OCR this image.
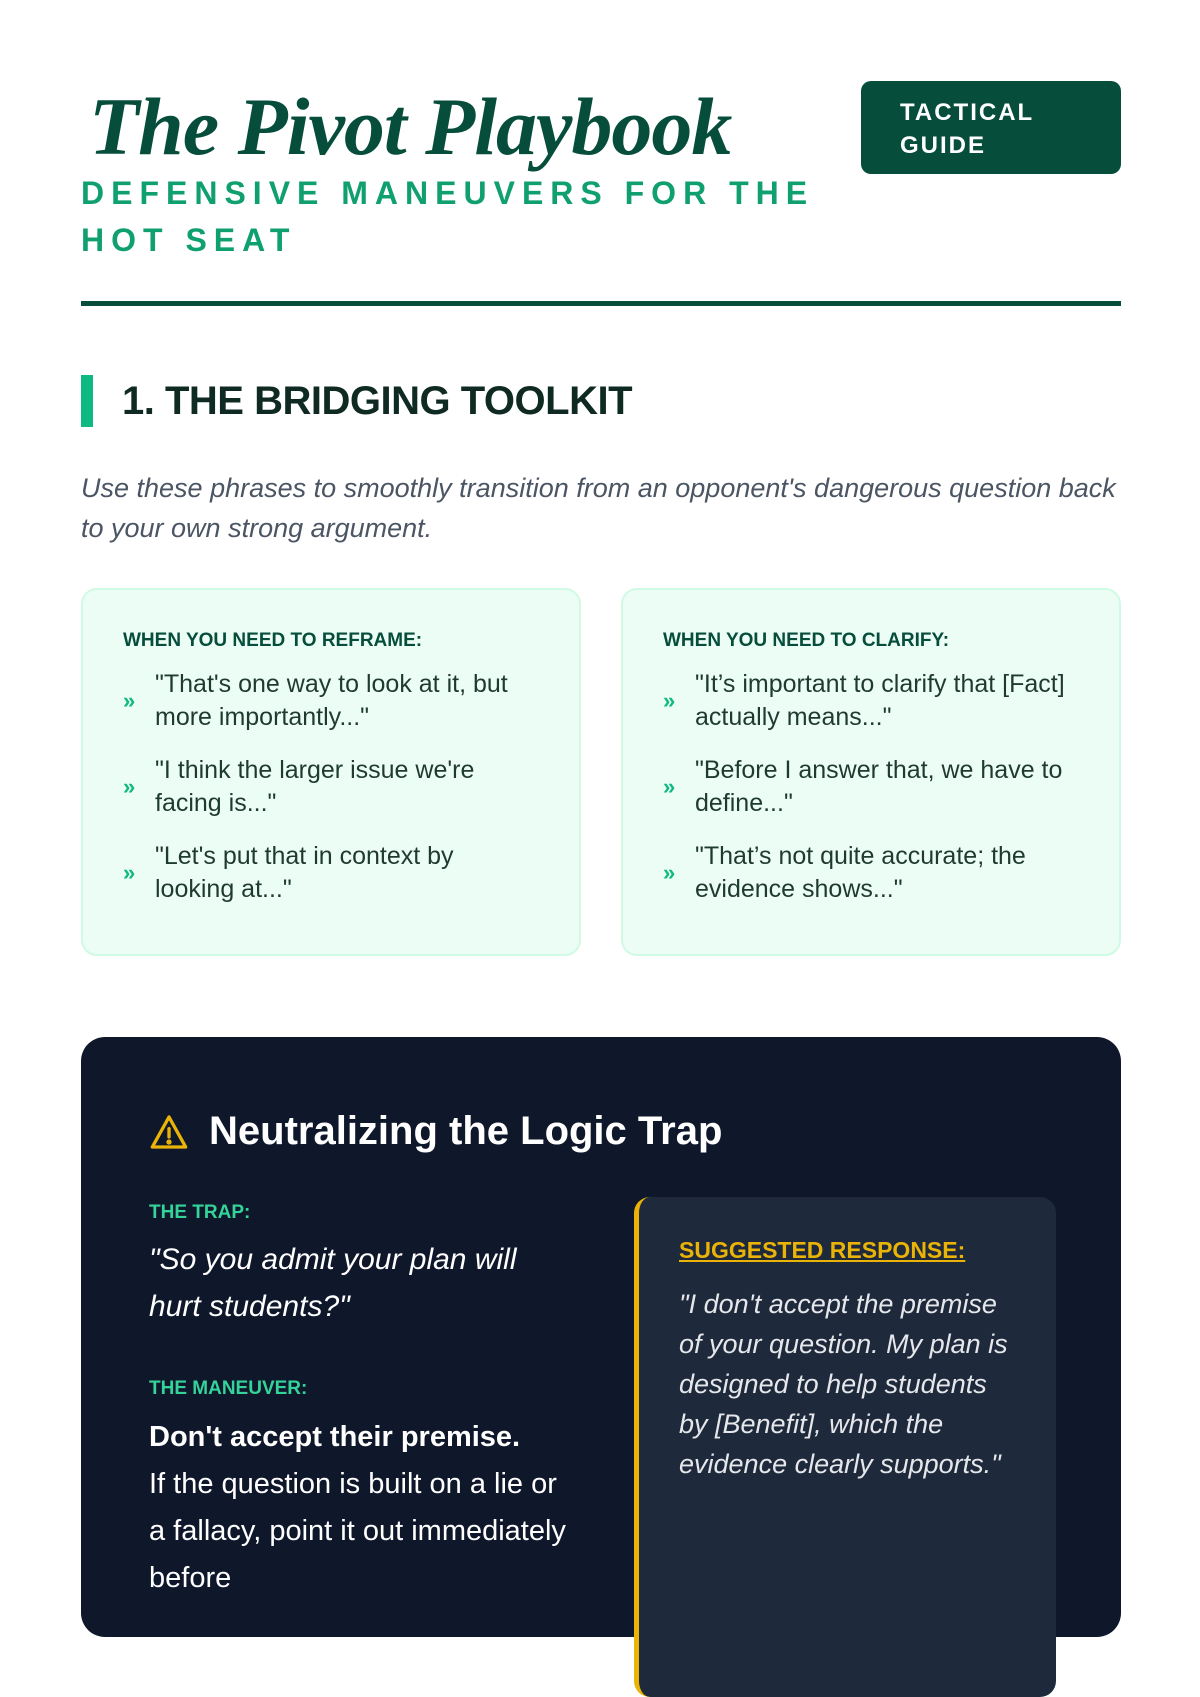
The Pivot Playbook
DEFENSIVE MANEUVERS FOR THE HOT SEAT
TACTICAL GUIDE
1. THE BRIDGING TOOLKIT
Use these phrases to smoothly transition from an opponent's dangerous question back to your own strong argument.
WHEN YOU NEED TO REFRAME:
»
"That's one way to look at it, but more importantly..."
»
"I think the larger issue we're facing is..."
»
"Let's put that in context by looking at..."
WHEN YOU NEED TO CLARIFY:
»
"It’s important to clarify that [Fact] actually means..."
»
"Before I answer that, we have to define..."
»
"That’s not quite accurate; the evidence shows..."
Neutralizing the Logic Trap
THE TRAP:
"So you admit your plan will hurt students?"
THE MANEUVER:
Don't accept their premise.
If the question is built on a lie or a fallacy, point it out immediately before
SUGGESTED RESPONSE:
"I don't accept the premise of your question. My plan is designed to help students by [Benefit], which the evidence clearly supports."
